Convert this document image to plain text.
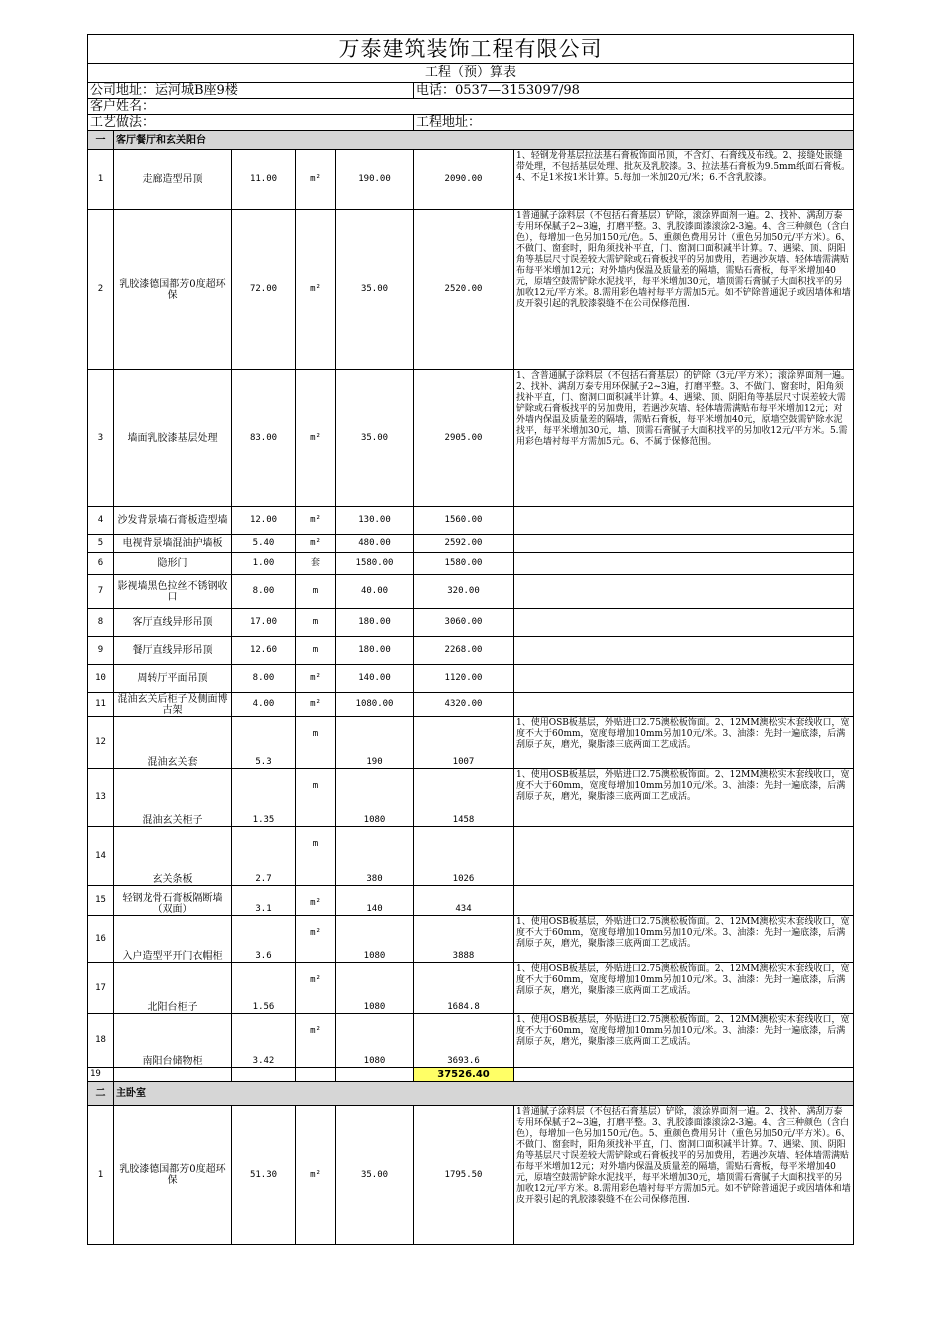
万泰建筑装饰工程有限公司						
工程（预）算表						
公司地址：运河城B座9楼					电话：0537—3153097/98	
客户姓名：						
工艺做法：					工程地址：	
一	客厅餐厅和玄关阳台					
1	走廊造型吊顶	11.00	m²	190.00	2090.00	1、轻钢龙骨基层拉法基石膏板饰面吊顶，不含灯、石膏线及布线。2、接缝处嵌缝带处理，不包括基层处理、批灰及乳胶漆。3、拉法基石膏板为9.5mm纸面石膏板。4、不足1米按1米计算。5.每加一米加20元/米；6.不含乳胶漆。
2	乳胶漆德国都芳0度超环保	72.00	m²	35.00	2520.00	1普通腻子涂料层（不包括石膏基层）铲除，滚涂界面剂一遍。2、找补、满刮万泰专用环保腻子2~3遍，打磨平整。3、乳胶漆面漆滚涂2-3遍。4、含三种颜色（含白色），每增加一色另加150元/色。5、重颜色费用另计（重色另加50元/平方米）。6、不做门、窗套时，阳角须找补平直，门、窗洞口面积减半计算。7、遇梁、顶、阴阳角等基层尺寸误差较大需铲除或石膏板找平的另加费用，若遇沙灰墙、轻体墙需满贴布每平米增加12元；对外墙内保温及质量差的隔墙，需贴石膏板，每平米增加40元，原墙空鼓需铲除水泥找平，每平米增加30元，墙顶需石膏腻子大面积找平的另加收12元/平方米。8.需用彩色墙衬每平方需加5元。如不铲除普通泥子或因墙体和墙皮开裂引起的乳胶漆裂缝不在公司保修范围.
3	墙面乳胶漆基层处理	83.00	m²	35.00	2905.00	1、含普通腻子涂料层（不包括石膏基层）的铲除（3元/平方米）；滚涂界面剂一遍。2、找补、满刮万泰专用环保腻子2~3遍，打磨平整。3、不做门、窗套时，阳角须找补平直，门、窗洞口面积减半计算。4、遇梁、顶、阴阳角等基层尺寸误差较大需铲除或石膏板找平的另加费用，若遇沙灰墙、轻体墙需满贴布每平米增加12元；对外墙内保温及质量差的隔墙，需贴石膏板，每平米增加40元，原墙空鼓需铲除水泥找平，每平米增加30元，墙、顶需石膏腻子大面积找平的另加收12元/平方米。5.需用彩色墙衬每平方需加5元。6、不属于保修范围。
4	沙发背景墙石膏板造型墙	12.00	m²	130.00	1560.00	
5	电视背景墙混油护墙板	5.40	m²	480.00	2592.00	
6	隐形门	1.00	套	1580.00	1580.00	
7	影视墙黑色拉丝不锈钢收口	8.00	m	40.00	320.00	
8	客厅直线异形吊顶	17.00	m	180.00	3060.00	
9	餐厅直线异形吊顶	12.60	m	180.00	2268.00	
10	周转厅平面吊顶	8.00	m²	140.00	1120.00	
11	混油玄关后柜子及侧面博古架	4.00	m²	1080.00	4320.00	
12	混油玄关套	5.3	m	190	1007	1、使用OSB板基层，外贴进口2.75澳松板饰面。2、12MM澳松实木套线收口，宽度不大于60mm，宽度每增加10mm另加10元/米。3、油漆：先封一遍底漆，后满刮原子灰，磨光，聚脂漆三底两面工艺成活。
13	混油玄关柜子	1.35	m	1080	1458	1、使用OSB板基层，外贴进口2.75澳松板饰面。2、12MM澳松实木套线收口，宽度不大于60mm，宽度每增加10mm另加10元/米。3、油漆：先封一遍底漆，后满刮原子灰，磨光，聚脂漆三底两面工艺成活。
14	玄关条板	2.7	m	380	1026	
15	轻钢龙骨石膏板隔断墙（双面）	3.1	m²	140	434	
16	入户造型平开门衣帽柜	3.6	m²	1080	3888	1、使用OSB板基层，外贴进口2.75澳松板饰面。2、12MM澳松实木套线收口，宽度不大于60mm，宽度每增加10mm另加10元/米。3、油漆：先封一遍底漆，后满刮原子灰，磨光，聚脂漆三底两面工艺成活。
17	北阳台柜子	1.56	m²	1080	1684.8	1、使用OSB板基层，外贴进口2.75澳松板饰面。2、12MM澳松实木套线收口，宽度不大于60mm，宽度每增加10mm另加10元/米。3、油漆：先封一遍底漆，后满刮原子灰，磨光，聚脂漆三底两面工艺成活。
18	南阳台储物柜	3.42	m²	1080	3693.6	1、使用OSB板基层，外贴进口2.75澳松板饰面。2、12MM澳松实木套线收口，宽度不大于60mm，宽度每增加10mm另加10元/米。3、油漆：先封一遍底漆，后满刮原子灰，磨光，聚脂漆三底两面工艺成活。
19					37526.40	
二	主卧室					
1	乳胶漆德国都芳0度超环保	51.30	m²	35.00	1795.50	1普通腻子涂料层（不包括石膏基层）铲除，滚涂界面剂一遍。2、找补、满刮万泰专用环保腻子2~3遍，打磨平整。3、乳胶漆面漆滚涂2-3遍。4、含三种颜色（含白色），每增加一色另加150元/色。5、重颜色费用另计（重色另加50元/平方米）。6、不做门、窗套时，阳角须找补平直，门、窗洞口面积减半计算。7、遇梁、顶、阴阳角等基层尺寸误差较大需铲除或石膏板找平的另加费用，若遇沙灰墙、轻体墙需满贴布每平米增加12元；对外墙内保温及质量差的隔墙，需贴石膏板，每平米增加40元，原墙空鼓需铲除水泥找平，每平米增加30元，墙顶需石膏腻子大面积找平的另加收12元/平方米。8.需用彩色墙衬每平方需加5元。如不铲除普通泥子或因墙体和墙皮开裂引起的乳胶漆裂缝不在公司保修范围.
